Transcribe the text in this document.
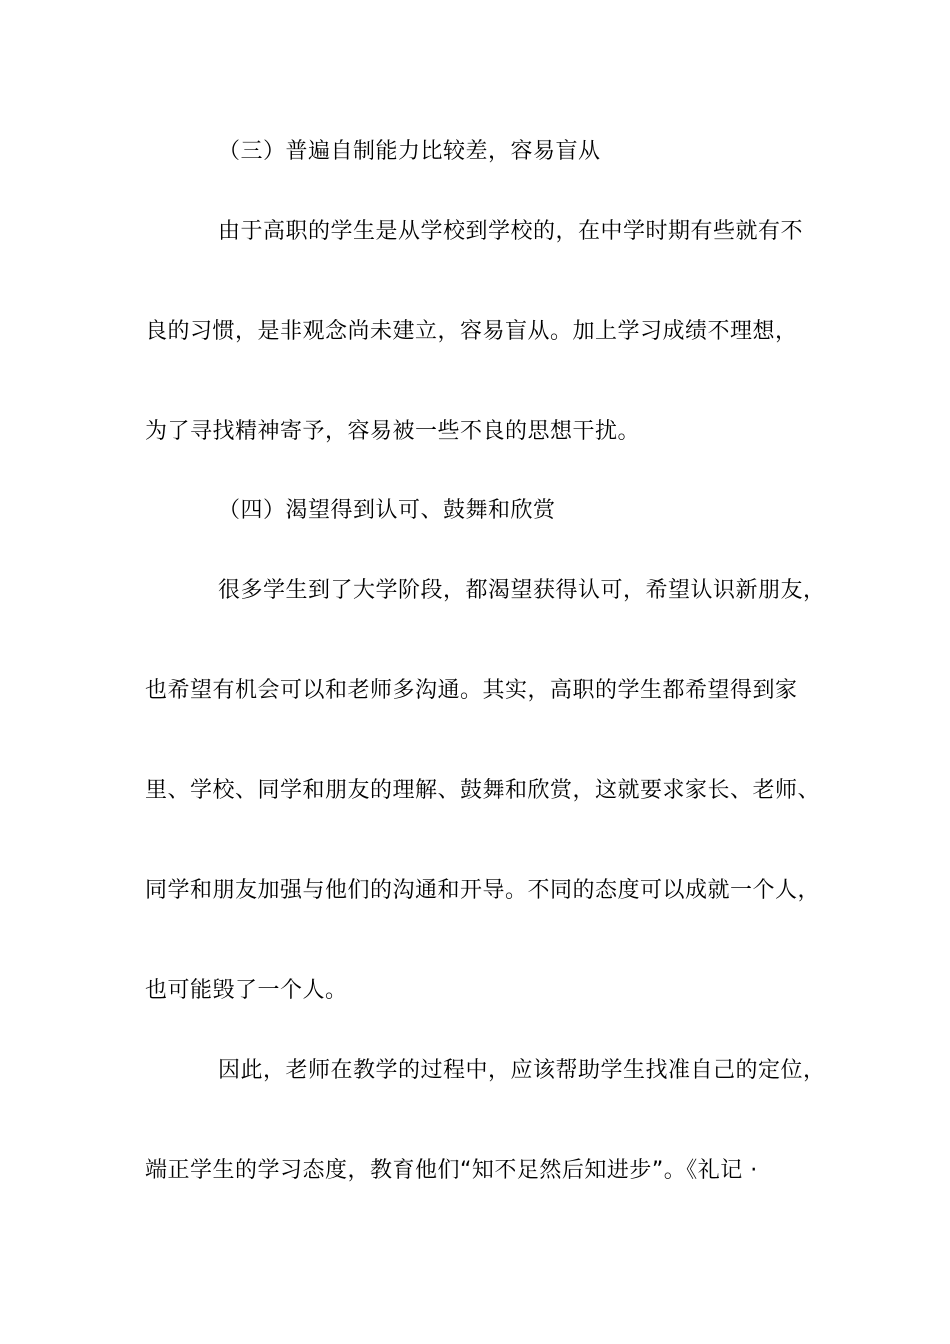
（三）普遍自制能力比较差，容易盲从
由于高职的学生是从学校到学校的，在中学时期有些就有不
良的习惯，是非观念尚未建立，容易盲从。加上学习成绩不理想，
为了寻找精神寄予，容易被一些不良的思想干扰。
（四）渴望得到认可、鼓舞和欣赏
很多学生到了大学阶段，都渴望获得认可，希望认识新朋友，
也希望有机会可以和老师多沟通。其实，高职的学生都希望得到家
里、学校、同学和朋友的理解、鼓舞和欣赏，这就要求家长、老师、
同学和朋友加强与他们的沟通和开导。不同的态度可以成就一个人，
也可能毁了一个人。
因此，老师在教学的过程中，应该帮助学生找准自己的定位，
端正学生的学习态度，教育他们“知不足然后知进步”。《礼记 ·
